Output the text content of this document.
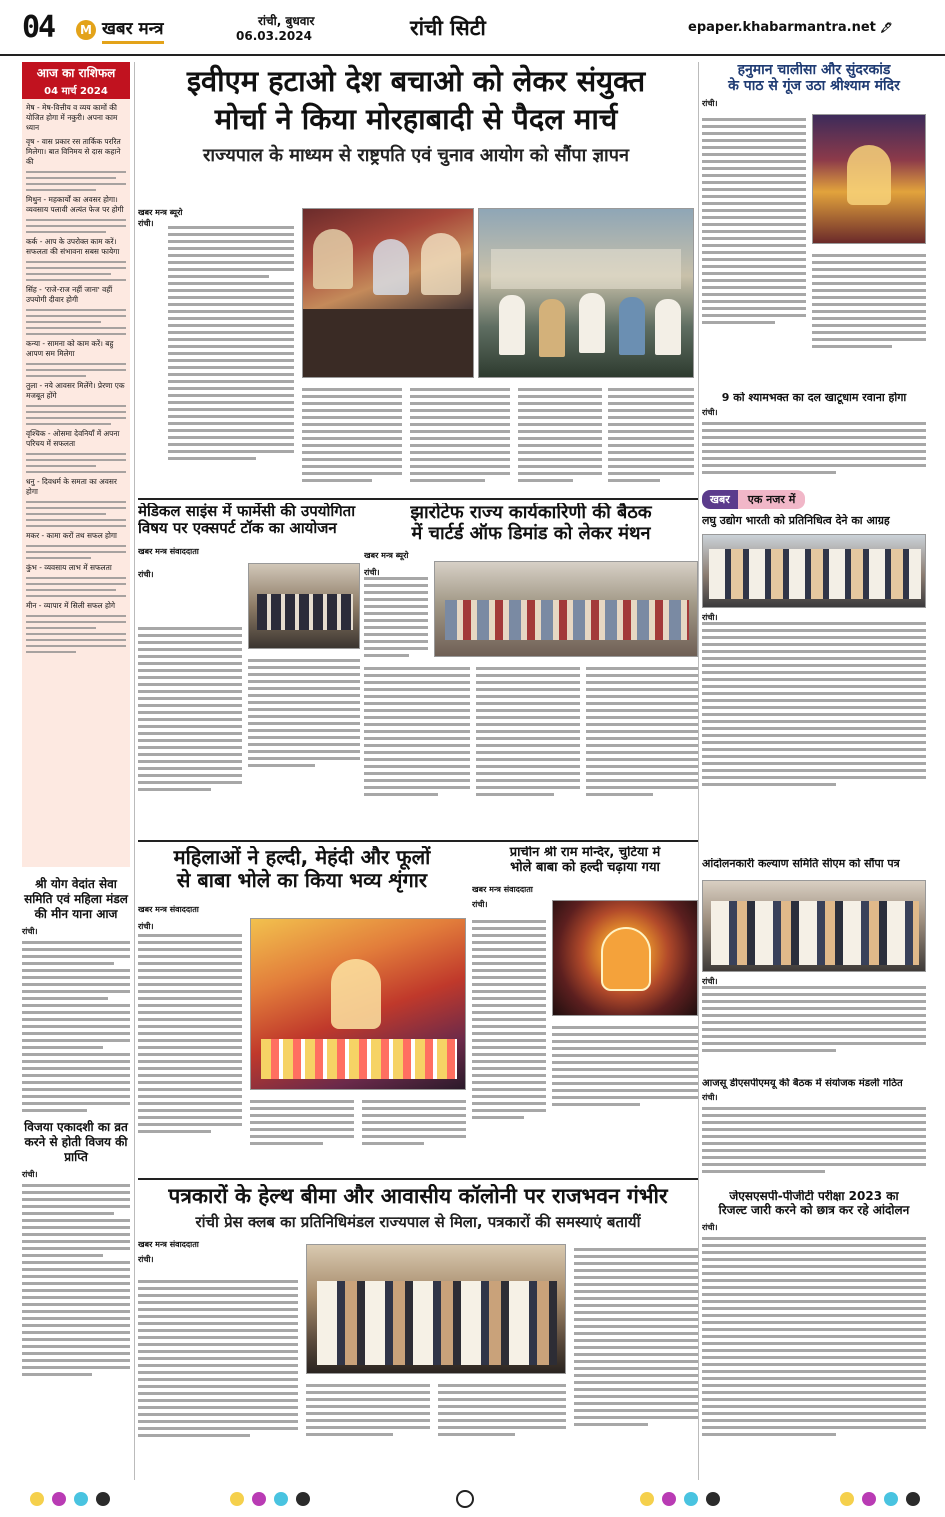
04	M खबर मन्त्र	रांची, बुधवार
06.03.2024	रांची सिटी	epaper.khabarmantra.net 🖋
आज का राशिफल
04 मार्च 2024
मेष - मेष-वित्तीय व व्यय कामों की योजित होगा में नकुरी। अपना काम ध्यान
वृष - वास प्रकार रस तार्किक पररित मिलेगा। बात विनिमय से दास कहाने की
मिथुन - महकार्यों का अवसर होगा। व्यवसाय पलावी अत्यंत फेज पर होगी
कर्क - आप के उपरोक्त काम करें। सफलता की संभावना सबस फायेगा
सिंह - 'राजे-राज नहीं जाना' वहीं उपयोगी दीवार होगी
कन्या - सामना को काम करें। बहु आपण सम मिलेगा
तुला - नये आवसर मिलेंगे। प्रेरणा एक मजबूत होंगे
वृश्चिक - ओसमा देवनियाँ में अपना परिचय में सफलता
धनु - दिवधर्म के समता का अवसर होगा
मकर - कामा करों तथ सफल होगा
कुंभ - व्यवसाय लाभ में सफलता
मीन - व्यापार में सिली सफल होगे
श्री योग वेदांत सेवा समिति एवं महिला मंडल की मीन याना आज
रांची।
विजया एकादशी का व्रत करने से होती विजय की प्राप्ति
रांची।
इवीएम हटाओ देश बचाओ को लेकर संयुक्त
मोर्चा ने किया मोरहाबादी से पैदल मार्च
राज्यपाल के माध्यम से राष्ट्रपति एवं चुनाव आयोग को सौंपा ज्ञापन
खबर मन्त्र ब्यूरो
रांची।
हनुमान चालीसा और सुंदरकांड
के पाठ से गूंज उठा श्रीश्याम मंदिर
रांची।
9 को श्यामभक्त का दल खाटूधाम रवाना होगा
रांची।
मेडिकल साइंस में फार्मेसी की उपयोगिता
विषय पर एक्सपर्ट टॉक का आयोजन
खबर मन्त्र संवाददाता
रांची।
झारोटेफ राज्य कार्यकारिणी की बैठक
में चार्टर्ड ऑफ डिमांड को लेकर मंथन
खबर मन्त्र ब्यूरो
रांची।
खबर	एक नजर में
लघु उद्योग भारती को प्रतिनिधित्व देने का आग्रह
रांची।
महिलाओं ने हल्दी, मेहंदी और फूलों
से बाबा भोले का किया भव्य शृंगार
खबर मन्त्र संवाददाता
रांची।
प्राचीन श्री राम मन्दिर, चुटिया में
भोले बाबा को हल्दी चढ़ाया गया
खबर मन्त्र संवाददाता
रांची।
आंदोलनकारी कल्याण समिति सीएम को सौंपा पत्र
रांची।
आजसू डीएसपीएमयू की बैठक में संयोजक मंडली गठित
रांची।
पत्रकारों के हेल्थ बीमा और आवासीय कॉलोनी पर राजभवन गंभीर
रांची प्रेस क्लब का प्रतिनिधिमंडल राज्यपाल से मिला, पत्रकारों की समस्याएं बतायीं
खबर मन्त्र संवाददाता
रांची।
जेएसएसपी-पीजीटी परीक्षा 2023 का
रिजल्ट जारी करने को छात्र कर रहे आंदोलन
रांची।
